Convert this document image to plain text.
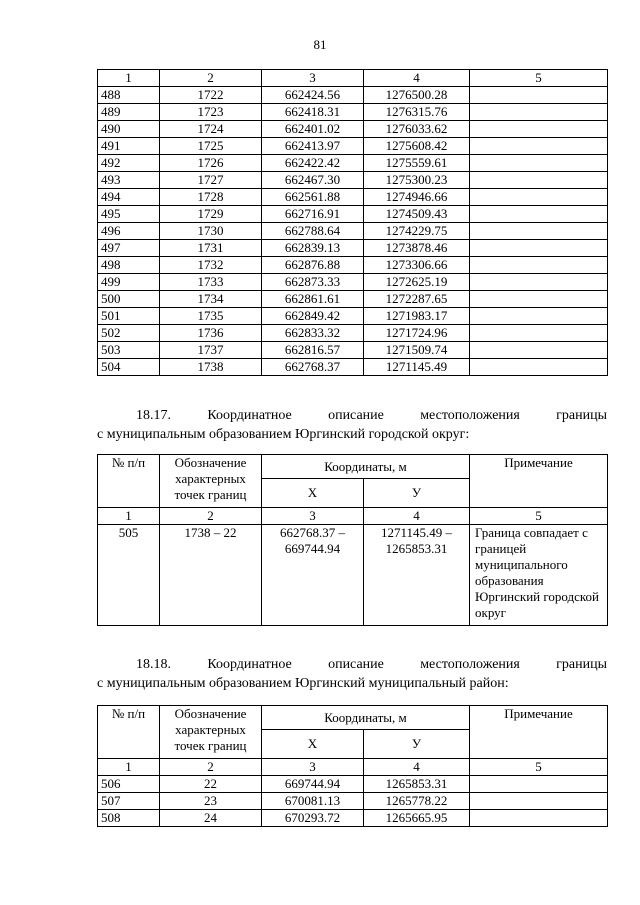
81
1	2	3	4	5
488	1722	662424.56	1276500.28	
489	1723	662418.31	1276315.76	
490	1724	662401.02	1276033.62	
491	1725	662413.97	1275608.42	
492	1726	662422.42	1275559.61	
493	1727	662467.30	1275300.23	
494	1728	662561.88	1274946.66	
495	1729	662716.91	1274509.43	
496	1730	662788.64	1274229.75	
497	1731	662839.13	1273878.46	
498	1732	662876.88	1273306.66	
499	1733	662873.33	1272625.19	
500	1734	662861.61	1272287.65	
501	1735	662849.42	1271983.17	
502	1736	662833.32	1271724.96	
503	1737	662816.57	1271509.74	
504	1738	662768.37	1271145.49	
18.17.    Координатное    описание    местоположения    границы
с муниципальным образованием Юргинский городской округ:
№ п/п	Обозначение характерных точек границ	Координаты, м		Примечание
		Х	У	
1	2	3	4	5
505	1738 – 22	662768.37 – 669744.94	1271145.49 – 1265853.31	Граница совпадает с границей муниципального образования Юргинский городской округ
18.18.    Координатное    описание    местоположения    границы
с муниципальным образованием Юргинский муниципальный район:
№ п/п	Обозначение характерных точек границ	Координаты, м		Примечание
		Х	У	
1	2	3	4	5
506	22	669744.94	1265853.31	
507	23	670081.13	1265778.22	
508	24	670293.72	1265665.95	
